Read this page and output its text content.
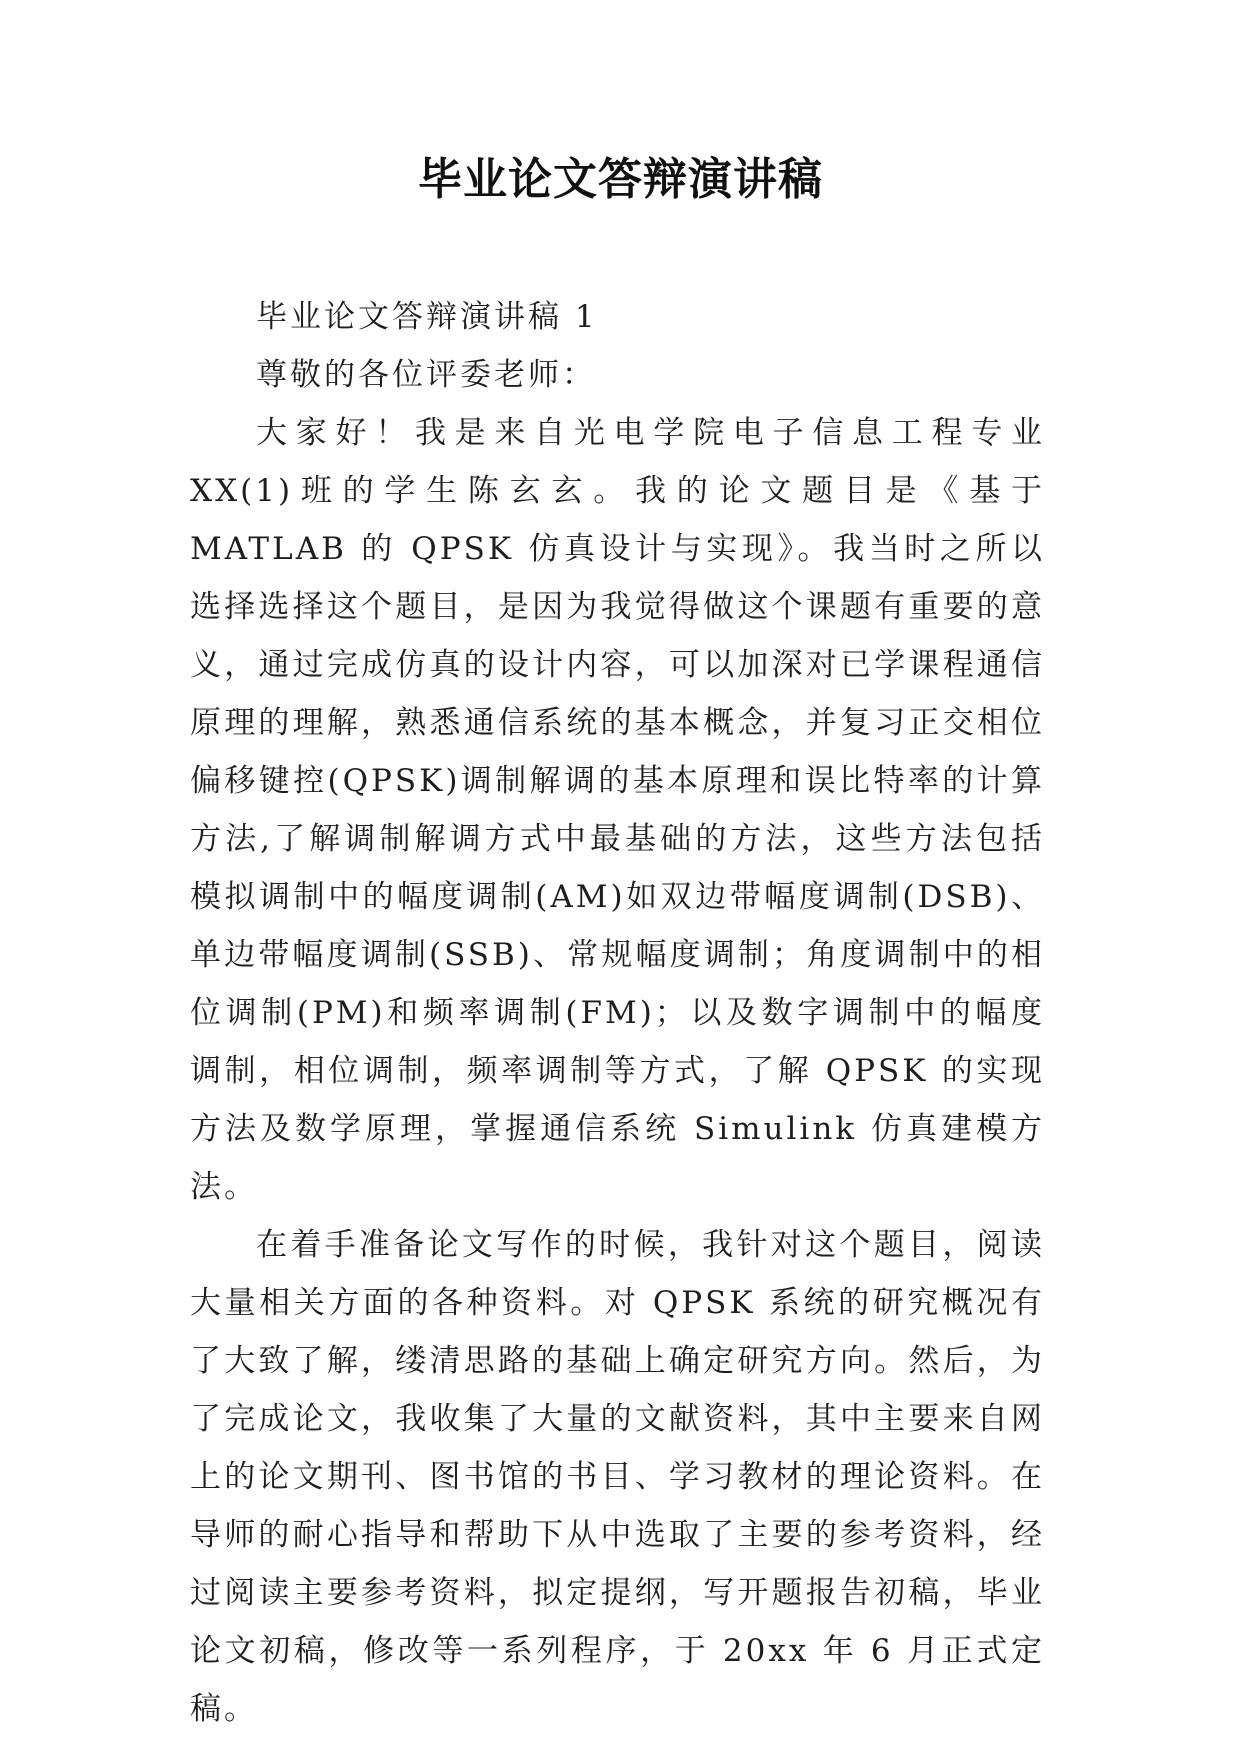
毕业论文答辩演讲稿

毕业论文答辩演讲稿 1

尊敬的各位评委老师：

大家好！我是来自光电学院电子信息工程专业 XX(1)班的学生陈玄玄。我的论文题目是《基于 MATLAB 的 QPSK 仿真设计与实现》。我当时之所以选择选择这个题目，是因为我觉得做这个课题有重要的意义，通过完成仿真的设计内容，可以加深对已学课程通信原理的理解，熟悉通信系统的基本概念，并复习正交相位偏移键控(QPSK)调制解调的基本原理和误比特率的计算方法,了解调制解调方式中最基础的方法，这些方法包括模拟调制中的幅度调制(AM)如双边带幅度调制(DSB)、单边带幅度调制(SSB)、常规幅度调制；角度调制中的相位调制(PM)和频率调制(FM)；以及数字调制中的幅度调制，相位调制，频率调制等方式，了解 QPSK 的实现方法及数学原理，掌握通信系统 Simulink 仿真建模方法。

在着手准备论文写作的时候，我针对这个题目，阅读大量相关方面的各种资料。对 QPSK 系统的研究概况有了大致了解，缕清思路的基础上确定研究方向。然后，为了完成论文，我收集了大量的文献资料，其中主要来自网上的论文期刊、图书馆的书目、学习教材的理论资料。在导师的耐心指导和帮助下从中选取了主要的参考资料，经过阅读主要参考资料，拟定提纲，写开题报告初稿，毕业论文初稿，修改等一系列程序，于 20xx 年 6 月正式定稿。
